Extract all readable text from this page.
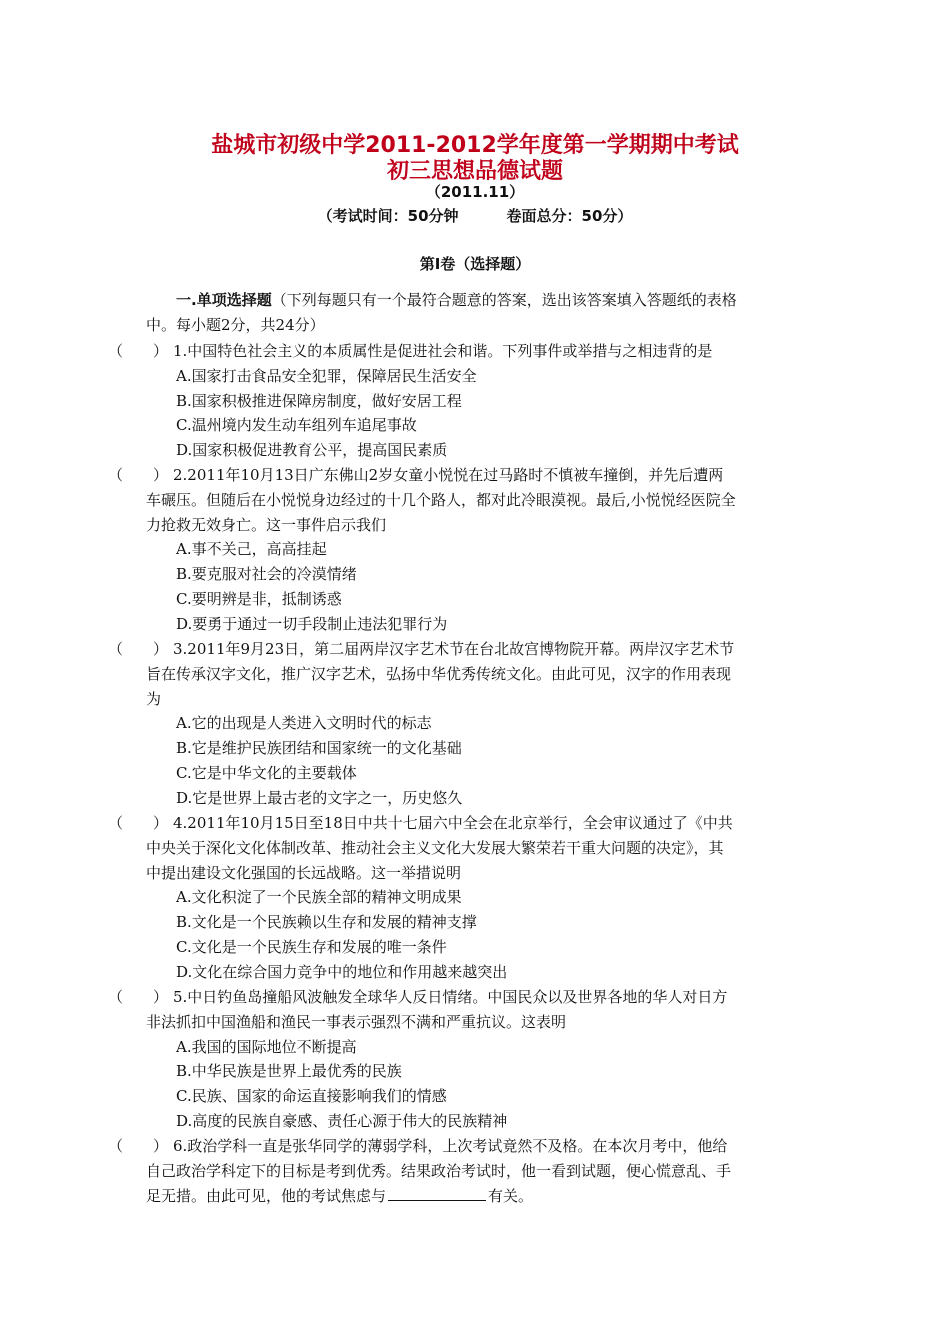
盐城市初级中学2011-2012学年度第一学期期中考试
初三思想品德试题
（2011.11）
（考试时间：50分钟	卷面总分：50分）
第Ⅰ卷（选择题）
一.单项选择题（下列每题只有一个最符合题意的答案，选出该答案填入答题纸的表格
中。每小题2分，共24分）
（　　） 1.中国特色社会主义的本质属性是促进社会和谐。下列事件或举措与之相违背的是
A.国家打击食品安全犯罪，保障居民生活安全
B.国家积极推进保障房制度，做好安居工程
C.温州境内发生动车组列车追尾事故
D.国家积极促进教育公平，提高国民素质
（　　） 2.2011年10月13日广东佛山2岁女童小悦悦在过马路时不慎被车撞倒，并先后遭两
车碾压。但随后在小悦悦身边经过的十几个路人，都对此冷眼漠视。最后,小悦悦经医院全
力抢救无效身亡。这一事件启示我们
A.事不关己，高高挂起
B.要克服对社会的冷漠情绪
C.要明辨是非，抵制诱惑
D.要勇于通过一切手段制止违法犯罪行为
（　　） 3.2011年9月23日，第二届两岸汉字艺术节在台北故宫博物院开幕。两岸汉字艺术节
旨在传承汉字文化，推广汉字艺术，弘扬中华优秀传统文化。由此可见，汉字的作用表现
为
A.它的出现是人类进入文明时代的标志
B.它是维护民族团结和国家统一的文化基础
C.它是中华文化的主要载体
D.它是世界上最古老的文字之一，历史悠久
（　　） 4.2011年10月15日至18日中共十七届六中全会在北京举行，全会审议通过了《中共
中央关于深化文化体制改革、推动社会主义文化大发展大繁荣若干重大问题的决定》，其
中提出建设文化强国的长远战略。这一举措说明
A.文化积淀了一个民族全部的精神文明成果
B.文化是一个民族赖以生存和发展的精神支撑
C.文化是一个民族生存和发展的唯一条件
D.文化在综合国力竞争中的地位和作用越来越突出
（　　） 5.中日钓鱼岛撞船风波触发全球华人反日情绪。中国民众以及世界各地的华人对日方
非法抓扣中国渔船和渔民一事表示强烈不满和严重抗议。这表明
A.我国的国际地位不断提高
B.中华民族是世界上最优秀的民族
C.民族、国家的命运直接影响我们的情感
D.高度的民族自豪感、责任心源于伟大的民族精神
（　　） 6.政治学科一直是张华同学的薄弱学科，上次考试竟然不及格。在本次月考中，他给
自己政治学科定下的目标是考到优秀。结果政治考试时，他一看到试题，便心慌意乱、手
足无措。由此可见，他的考试焦虑与	有关。
